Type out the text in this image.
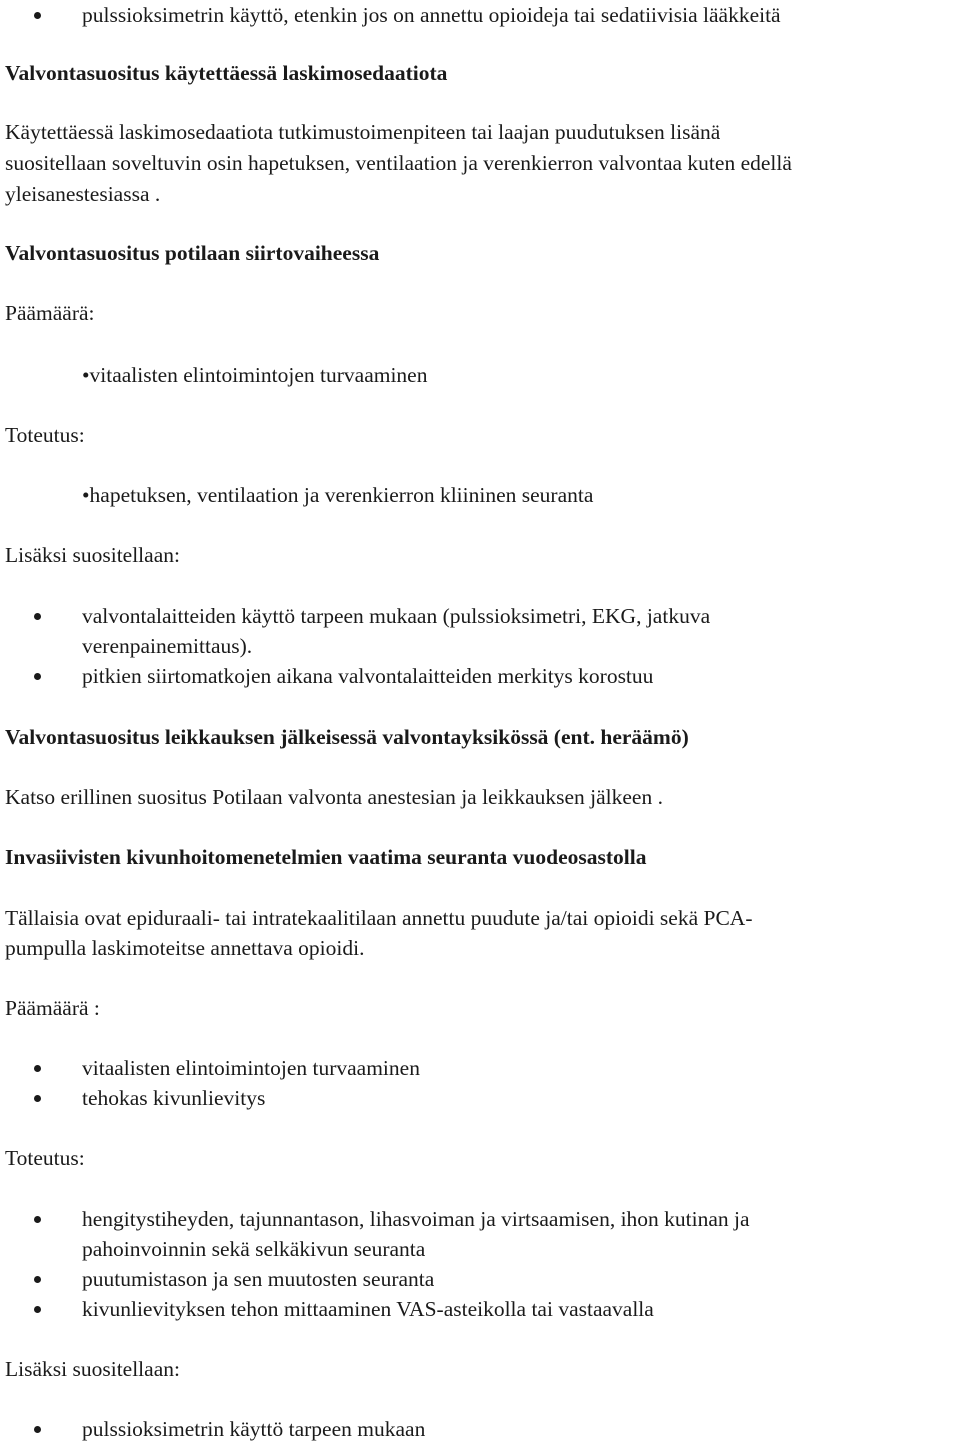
pulssioksimetrin käyttö, etenkin jos on annettu opioideja tai sedatiivisia lääkkeitä
Valvontasuositus käytettäessä laskimosedaatiota
Käytettäessä laskimosedaatiota tutkimustoimenpiteen tai laajan puudutuksen lisänä
suositellaan soveltuvin osin hapetuksen, ventilaation ja verenkierron valvontaa kuten edellä
yleisanestesiassa .
Valvontasuositus potilaan siirtovaiheessa
Päämäärä:
•vitaalisten elintoimintojen turvaaminen
Toteutus:
•hapetuksen, ventilaation ja verenkierron kliininen seuranta
Lisäksi suositellaan:
valvontalaitteiden käyttö tarpeen mukaan (pulssioksimetri, EKG, jatkuva
verenpainemittaus).
pitkien siirtomatkojen aikana valvontalaitteiden merkitys korostuu
Valvontasuositus leikkauksen jälkeisessä valvontayksikössä (ent. heräämö)
Katso erillinen suositus Potilaan valvonta anestesian ja leikkauksen jälkeen .
Invasiivisten kivunhoitomenetelmien vaatima seuranta vuodeosastolla
Tällaisia ovat epiduraali- tai intratekaalitilaan annettu puudute ja/tai opioidi sekä PCA-
pumpulla laskimoteitse annettava opioidi.
Päämäärä :
vitaalisten elintoimintojen turvaaminen
tehokas kivunlievitys
Toteutus:
hengitystiheyden, tajunnantason, lihasvoiman ja virtsaamisen, ihon kutinan ja
pahoinvoinnin sekä selkäkivun seuranta
puutumistason ja sen muutosten seuranta
kivunlievityksen tehon mittaaminen VAS-asteikolla tai vastaavalla
Lisäksi suositellaan:
pulssioksimetrin käyttö tarpeen mukaan
